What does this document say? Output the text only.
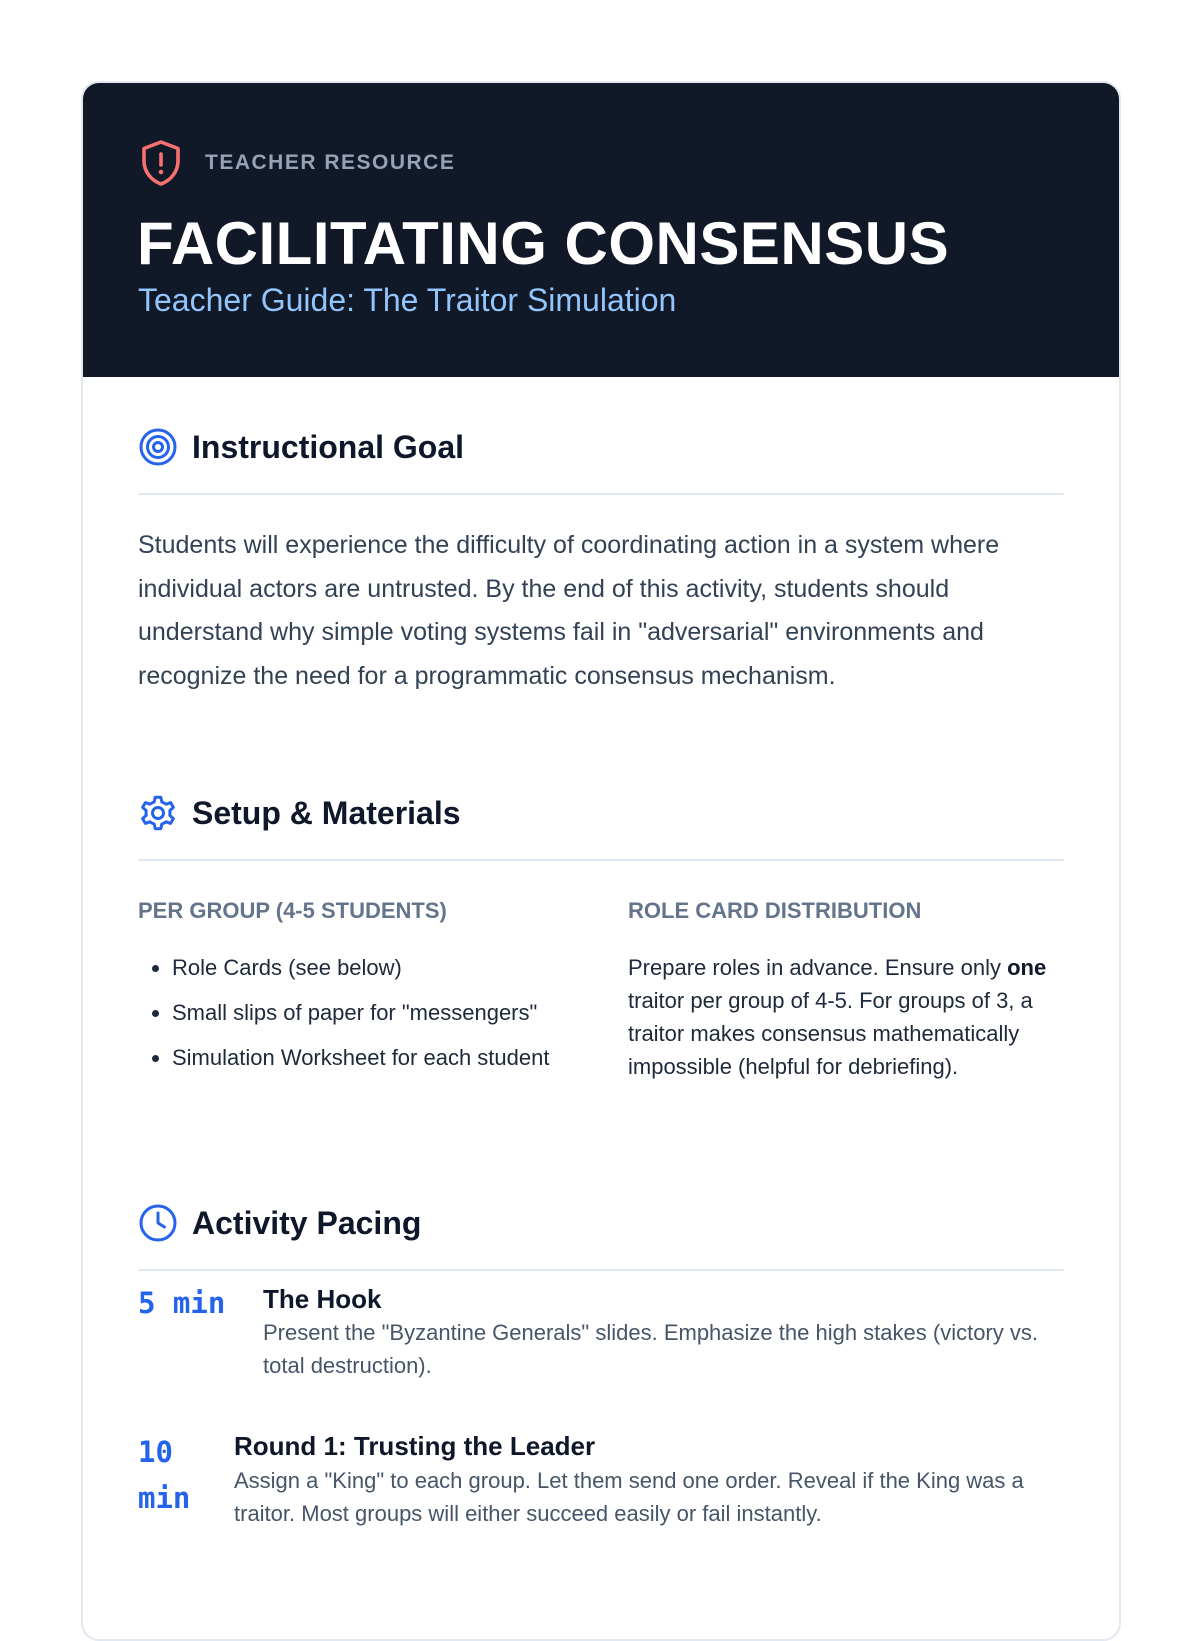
TEACHER RESOURCE
FACILITATING CONSENSUS
Teacher Guide: The Traitor Simulation
Instructional Goal

Students will experience the difficulty of coordinating action in a system where individual actors are untrusted. By the end of this activity, students should understand why simple voting systems fail in "adversarial" environments and recognize the need for a programmatic consensus mechanism.

Setup & Materials
PER GROUP (4-5 STUDENTS)
• Role Cards (see below)
• Small slips of paper for "messengers"
• Simulation Worksheet for each student
ROLE CARD DISTRIBUTION

Prepare roles in advance. Ensure only one traitor per group of 4-5. For groups of 3, a traitor makes consensus mathematically impossible (helpful for debriefing).

Activity Pacing
5 min The Hook

Present the "Byzantine Generals" slides. Emphasize the high stakes (victory vs. total destruction).

10
min
Round 1: Trusting the Leader

Assign a "King" to each group. Let them send one order. Reveal if the King was a traitor. Most groups will either succeed easily or fail instantly.
